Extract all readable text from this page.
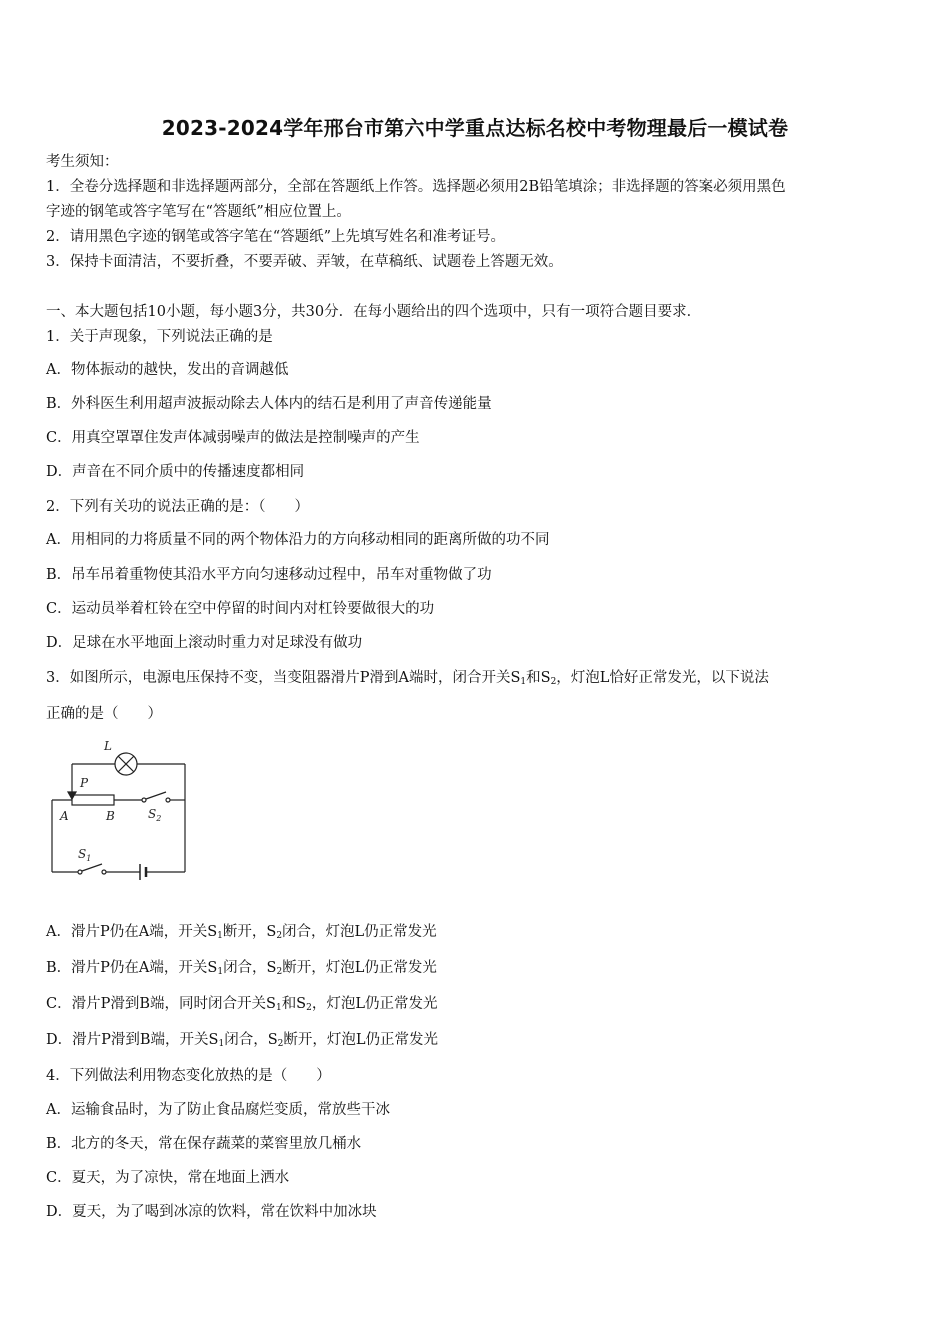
2023-2024学年邢台市第六中学重点达标名校中考物理最后一模试卷
考生须知：
1．全卷分选择题和非选择题两部分，全部在答题纸上作答。选择题必须用2B铅笔填涂；非选择题的答案必须用黑色
字迹的钢笔或答字笔写在“答题纸”相应位置上。
2．请用黑色字迹的钢笔或答字笔在“答题纸”上先填写姓名和准考证号。
3．保持卡面清洁，不要折叠，不要弄破、弄皱，在草稿纸、试题卷上答题无效。
一、本大题包括10小题，每小题3分，共30分．在每小题给出的四个选项中，只有一项符合题目要求．
1．关于声现象，下列说法正确的是
A．物体振动的越快，发出的音调越低
B．外科医生利用超声波振动除去人体内的结石是利用了声音传递能量
C．用真空罩罩住发声体减弱噪声的做法是控制噪声的产生
D．声音在不同介质中的传播速度都相同
2．下列有关功的说法正确的是：（　　）
A．用相同的力将质量不同的两个物体沿力的方向移动相同的距离所做的功不同
B．吊车吊着重物使其沿水平方向匀速移动过程中，吊车对重物做了功
C．运动员举着杠铃在空中停留的时间内对杠铃要做很大的功
D．足球在水平地面上滚动时重力对足球没有做功
3．如图所示，电源电压保持不变，当变阻器滑片P滑到A端时，闭合开关$S_1$和$S_2$，灯泡L恰好正常发光，以下说法
正确的是（　　）
L
P
A	B	$S_2$
$S_1$
A．滑片P仍在A端，开关$S_1$断开，$S_2$闭合，灯泡L仍正常发光
B．滑片P仍在A端，开关$S_1$闭合，$S_2$断开，灯泡L仍正常发光
C．滑片P滑到B端，同时闭合开关$S_1$和$S_2$，灯泡L仍正常发光
D．滑片P滑到B端，开关$S_1$闭合，$S_2$断开，灯泡L仍正常发光
4．下列做法利用物态变化放热的是（　　）
A．运输食品时，为了防止食品腐烂变质，常放些干冰
B．北方的冬天，常在保存蔬菜的菜窖里放几桶水
C．夏天，为了凉快，常在地面上洒水
D．夏天，为了喝到冰凉的饮料，常在饮料中加冰块
